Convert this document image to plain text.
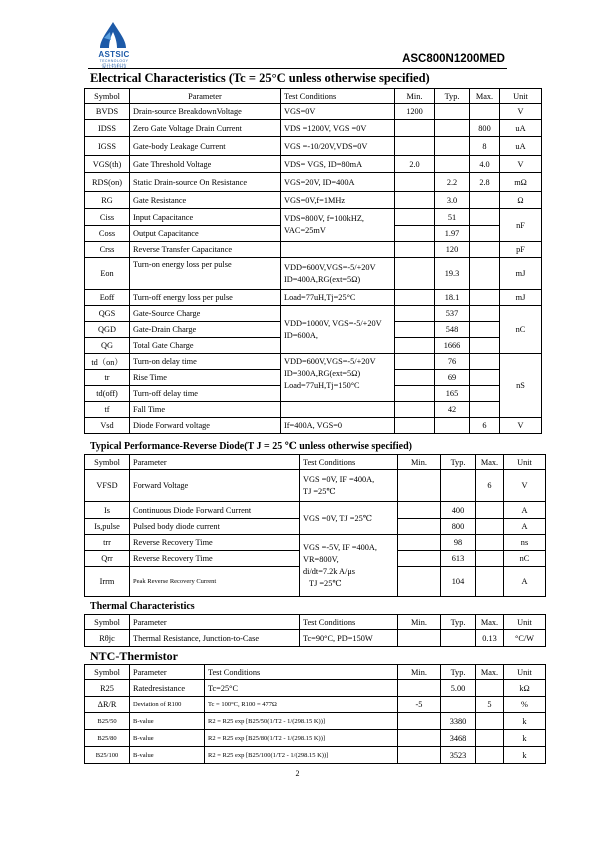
ASTSIC
TECHNOLOGY
爱仕特科技
ASC800N1200MED
Electrical Characteristics (Tc = 25°C unless otherwise specified)
Symbol	Parameter	Test Conditions	Min.	Typ.	Max.	Unit
BVDS	Drain-source BreakdownVoltage	VGS=0V	1200			V
IDSS	Zero Gate Voltage Drain Current	VDS =1200V, VGS =0V			800	uA
IGSS	Gate-body Leakage Current	VGS =-10/20V,VDS=0V			8	uA
VGS(th)	Gate Threshold Voltage	VDS= VGS, ID=80mA	2.0		4.0	V
RDS(on)	Static Drain-source On Resistance	VGS=20V, ID=400A		2.2	2.8	mΩ
RG	Gate Resistance	VGS=0V,f=1MHz		3.0		Ω
Ciss	Input Capacitance	VDS=800V, f=100kHZ,
VAC=25mV		51		nF
Coss	Output Capacitance			1.97		
Crss	Reverse Transfer Capacitance			120		pF
Eon	Turn-on energy loss per pulse	VDD=600V,VGS=-5/+20V
ID=400A,RG(ext=5Ω)		19.3		mJ
Eoff	Turn-off energy loss per pulse	Load=77uH,Tj=25°C		18.1		mJ
QGS	Gate-Source Charge	VDD=1000V, VGS=-5/+20V
ID=600A,		537		nC
QGD	Gate-Drain Charge			548		
QG	Total Gate Charge			1666		
td（on）	Turn-on delay time	VDD=600V,VGS=-5/+20V
ID=300A,RG(ext=5Ω)
Load=77uH,Tj=150°C		76		nS
tr	Rise Time			69		
td(off)	Turn-off delay time			165		
tf	Fall Time			42		
Vsd	Diode Forward voltage	If=400A, VGS=0			6	V
Typical Performance-Reverse Diode(T J = 25 ℃ unless otherwise specified)
Symbol	Parameter	Test Conditions	Min.	Typ.	Max.	Unit
VFSD	Forward Voltage	VGS =0V, IF =400A,
TJ =25℃			6	V
Is	Continuous Diode Forward Current	VGS =0V, TJ =25℃		400		A
Is,pulse	Pulsed body diode current			800		A
trr	Reverse Recovery Time	VGS =-5V, IF =400A,
VR=800V,
di/dt=7.2k A/μs
TJ =25℃		98		ns
Qrr	Reverse Recovery Time			613		nC
Irrm	Peak Reverse Recovery Current			104		A
Thermal Characteristics
Symbol	Parameter	Test Conditions	Min.	Typ.	Max.	Unit
Rθjc	Thermal Resistance, Junction-to-Case	Tc=90°C, PD=150W			0.13	°C/W
NTC-Thermistor
Symbol	Parameter	Test Conditions	Min.	Typ.	Max.	Unit
R25	Ratedresistance	Tc=25°C		5.00		kΩ
ΔR/R	Deviation of R100	Tc = 100°C, R100 = 477Ω	-5		5	%
B25/50	B-value	R2 = R25 exp [B25/50(1/T2 - 1/(298.15 K))]		3380		k
B25/80	B-value	R2 = R25 exp [B25/80(1/T2 - 1/(298.15 K))]		3468		k
B25/100	B-value	R2 = R25 exp [B25/100(1/T2 - 1/(298.15 K))]		3523		k
2
